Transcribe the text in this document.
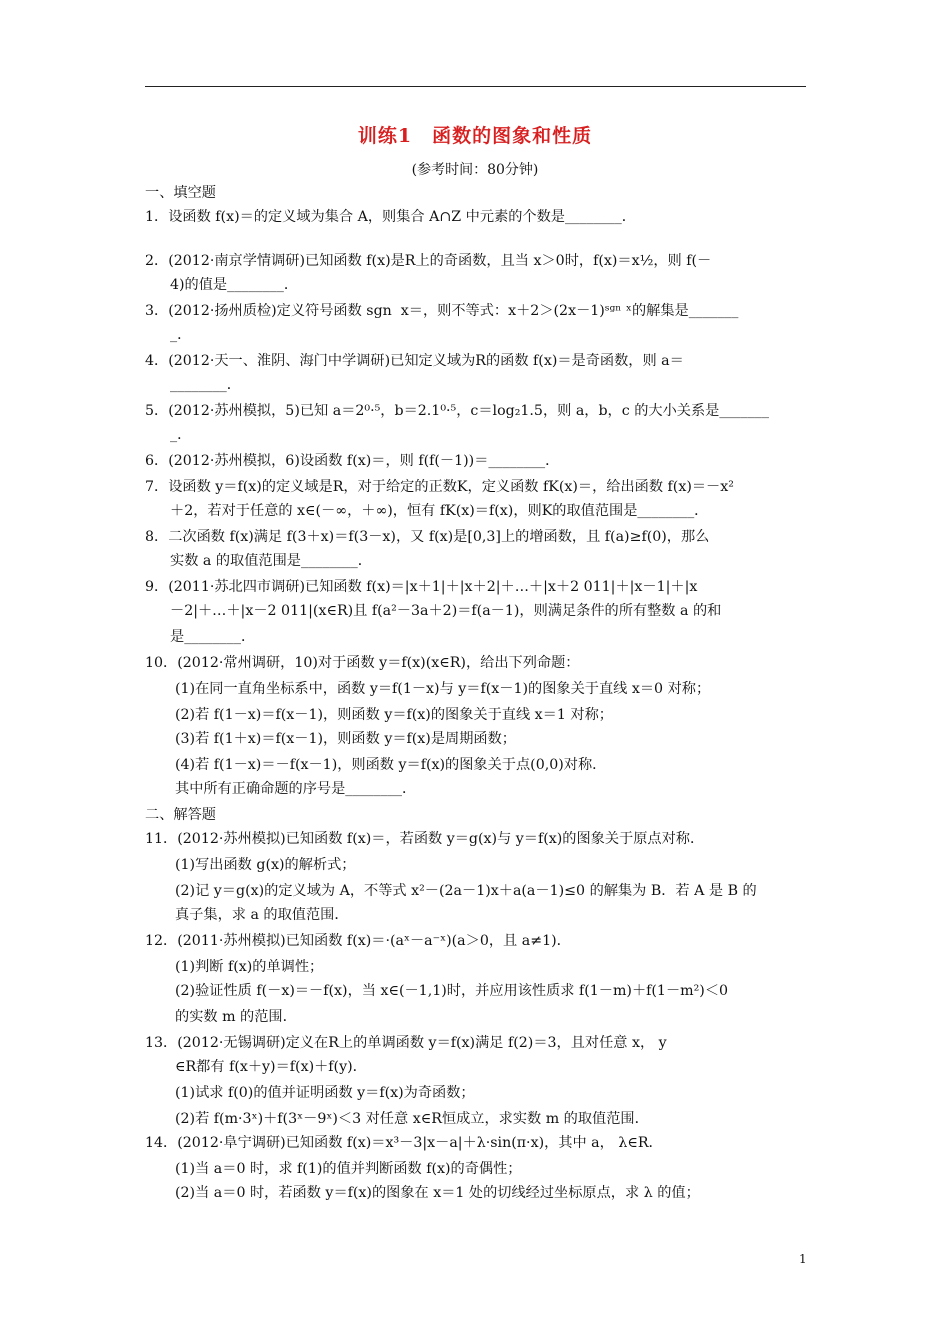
训练1　函数的图象和性质
(参考时间：80分钟)
一、填空题
1．设函数 f(x)＝的定义域为集合 A，则集合 A∩Z 中元素的个数是________．
2．(2012·南京学情调研)已知函数 f(x)是R上的奇函数，且当 x＞0时，f(x)＝x½，则 f(－
4)的值是________．
3．(2012·扬州质检)定义符号函数 sgn  x＝，则不等式：x＋2＞(2x－1)ˢᵍⁿ ˣ的解集是_______
_．
4．(2012·天一、淮阴、海门中学调研)已知定义域为R的函数 f(x)＝是奇函数，则 a＝
________．
5．(2012·苏州模拟，5)已知 a＝2⁰·⁵，b＝2.1⁰·⁵，c＝log₂1.5，则 a，b，c 的大小关系是_______
_．
6．(2012·苏州模拟，6)设函数 f(x)＝，则 f(f(－1))＝________．
7．设函数 y＝f(x)的定义域是R，对于给定的正数K，定义函数 fK(x)＝，给出函数 f(x)＝－x²
＋2，若对于任意的 x∈(－∞，＋∞)，恒有 fK(x)＝f(x)，则K的取值范围是________．
8．二次函数 f(x)满足 f(3＋x)＝f(3－x)，又 f(x)是[0,3]上的增函数，且 f(a)≥f(0)，那么
实数 a 的取值范围是________．
9．(2011·苏北四市调研)已知函数 f(x)＝|x＋1|＋|x＋2|＋…＋|x＋2 011|＋|x－1|＋|x
－2|＋…＋|x－2 011|(x∈R)且 f(a²－3a＋2)＝f(a－1)，则满足条件的所有整数 a 的和
是________．
10．(2012·常州调研，10)对于函数 y＝f(x)(x∈R)，给出下列命题：
(1)在同一直角坐标系中，函数 y＝f(1－x)与 y＝f(x－1)的图象关于直线 x＝0 对称；
(2)若 f(1－x)＝f(x－1)，则函数 y＝f(x)的图象关于直线 x＝1 对称；
(3)若 f(1＋x)＝f(x－1)，则函数 y＝f(x)是周期函数；
(4)若 f(1－x)＝－f(x－1)，则函数 y＝f(x)的图象关于点(0,0)对称．
其中所有正确命题的序号是________．
二、解答题
11．(2012·苏州模拟)已知函数 f(x)＝，若函数 y＝g(x)与 y＝f(x)的图象关于原点对称．
(1)写出函数 g(x)的解析式；
(2)记 y＝g(x)的定义域为 A，不等式 x²－(2a－1)x＋a(a－1)≤0 的解集为 B．若 A 是 B 的
真子集，求 a 的取值范围．
12．(2011·苏州模拟)已知函数 f(x)＝·(aˣ－a⁻ˣ)(a＞0，且 a≠1)．
(1)判断 f(x)的单调性；
(2)验证性质 f(－x)＝－f(x)，当 x∈(－1,1)时，并应用该性质求 f(1－m)＋f(1－m²)＜0
的实数 m 的范围．
13．(2012·无锡调研)定义在R上的单调函数 y＝f(x)满足 f(2)＝3，且对任意 x， y
∈R都有 f(x＋y)＝f(x)＋f(y)．
(1)试求 f(0)的值并证明函数 y＝f(x)为奇函数；
(2)若 f(m·3ˣ)＋f(3ˣ－9ˣ)＜3 对任意 x∈R恒成立，求实数 m 的取值范围．
14．(2012·阜宁调研)已知函数 f(x)＝x³－3|x－a|＋λ·sin(π·x)，其中 a， λ∈R．
(1)当 a＝0 时，求 f(1)的值并判断函数 f(x)的奇偶性；
(2)当 a＝0 时，若函数 y＝f(x)的图象在 x＝1 处的切线经过坐标原点，求 λ 的值；
1
